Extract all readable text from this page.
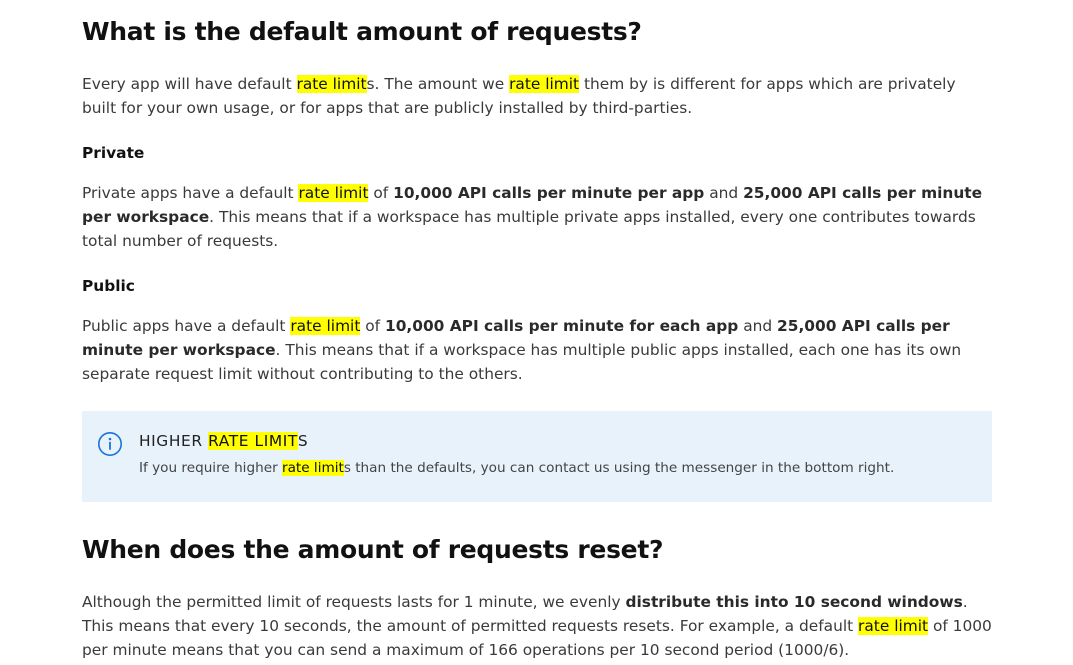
What is the default amount of requests?

Every app will have default rate limits. The amount we rate limit them by is different for apps which are privately built for your own usage, or for apps that are publicly installed by third-parties.

Private

Private apps have a default rate limit of 10,000 API calls per minute per app and 25,000 API calls per minute per workspace. This means that if a workspace has multiple private apps installed, every one contributes towards total number of requests.

Public

Public apps have a default rate limit of 10,000 API calls per minute for each app and 25,000 API calls per minute per workspace. This means that if a workspace has multiple public apps installed, each one has its own separate request limit without contributing to the others.

HIGHER RATE LIMITS
If you require higher rate limits than the defaults, you can contact us using the messenger in the bottom right.
When does the amount of requests reset?

Although the permitted limit of requests lasts for 1 minute, we evenly distribute this into 10 second windows. This means that every 10 seconds, the amount of permitted requests resets. For example, a default rate limit of 1000 per minute means that you can send a maximum of 166 operations per 10 second period (1000/6).
